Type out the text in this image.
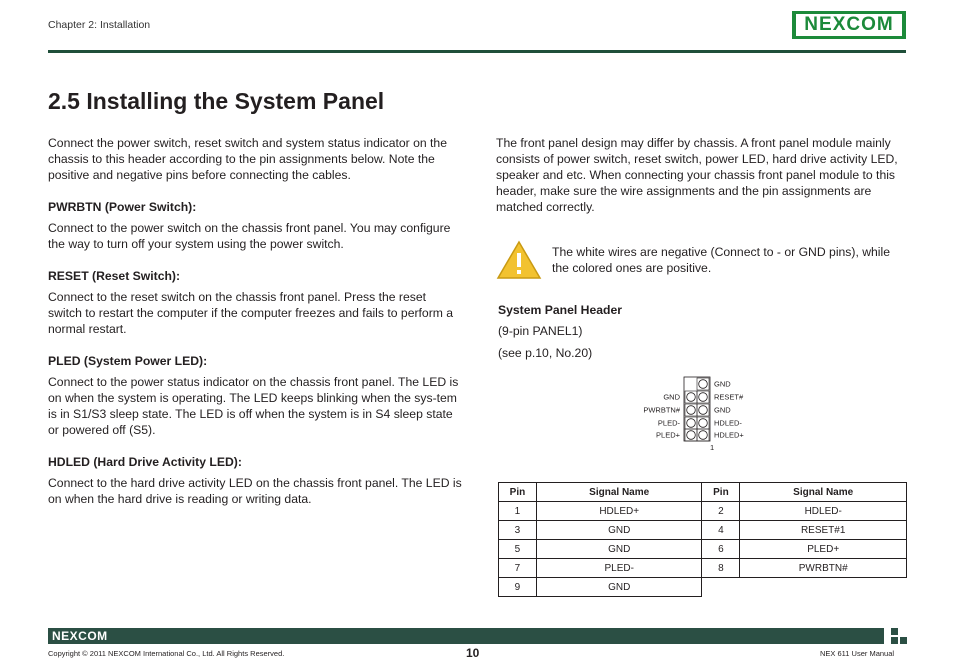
Chapter 2: Installation	NEXCOM
2.5 Installing the System Panel

Connect the power switch, reset switch and system status indicator on the chassis to this header according to the pin assignments below. Note the positive and negative pins before connecting the cables.

PWRBTN (Power Switch):

Connect to the power switch on the chassis front panel. You may configure the way to turn off your system using the power switch.

RESET (Reset Switch):

Connect to the reset switch on the chassis front panel. Press the reset switch to restart the computer if the computer freezes and fails to perform a normal restart.

PLED (System Power LED):

Connect to the power status indicator on the chassis front panel. The LED is on when the system is operating. The LED keeps blinking when the sys-tem is in S1/S3 sleep state. The LED is off when the system is in S4 sleep state or powered off (S5).

HDLED (Hard Drive Activity LED):

Connect to the hard drive activity LED on the chassis front panel. The LED is on when the hard drive is reading or writing data.

The front panel design may differ by chassis. A front panel module mainly consists of power switch, reset switch, power LED, hard drive activity LED, speaker and etc. When connecting your chassis front panel module to this header, make sure the wire assignments and the pin assignments are matched correctly.
The white wires are negative (Connect to - or GND pins), while the colored ones are positive.
System Panel Header
(9-pin PANEL1)
(see p.10, No.20)
GND
PWRBTN#
PLED-
PLED+
GND
RESET#
GND
HDLED-
HDLED+
1
Pin	Signal Name	Pin	Signal Name
1	HDLED+	2	HDLED-
3	GND	4	RESET#1
5	GND	6	PLED+
7	PLED-	8	PWRBTN#
9	GND		
NEXCOM
Copyright © 2011 NEXCOM International Co., Ltd. All Rights Reserved.	10	NEX 611 User Manual
